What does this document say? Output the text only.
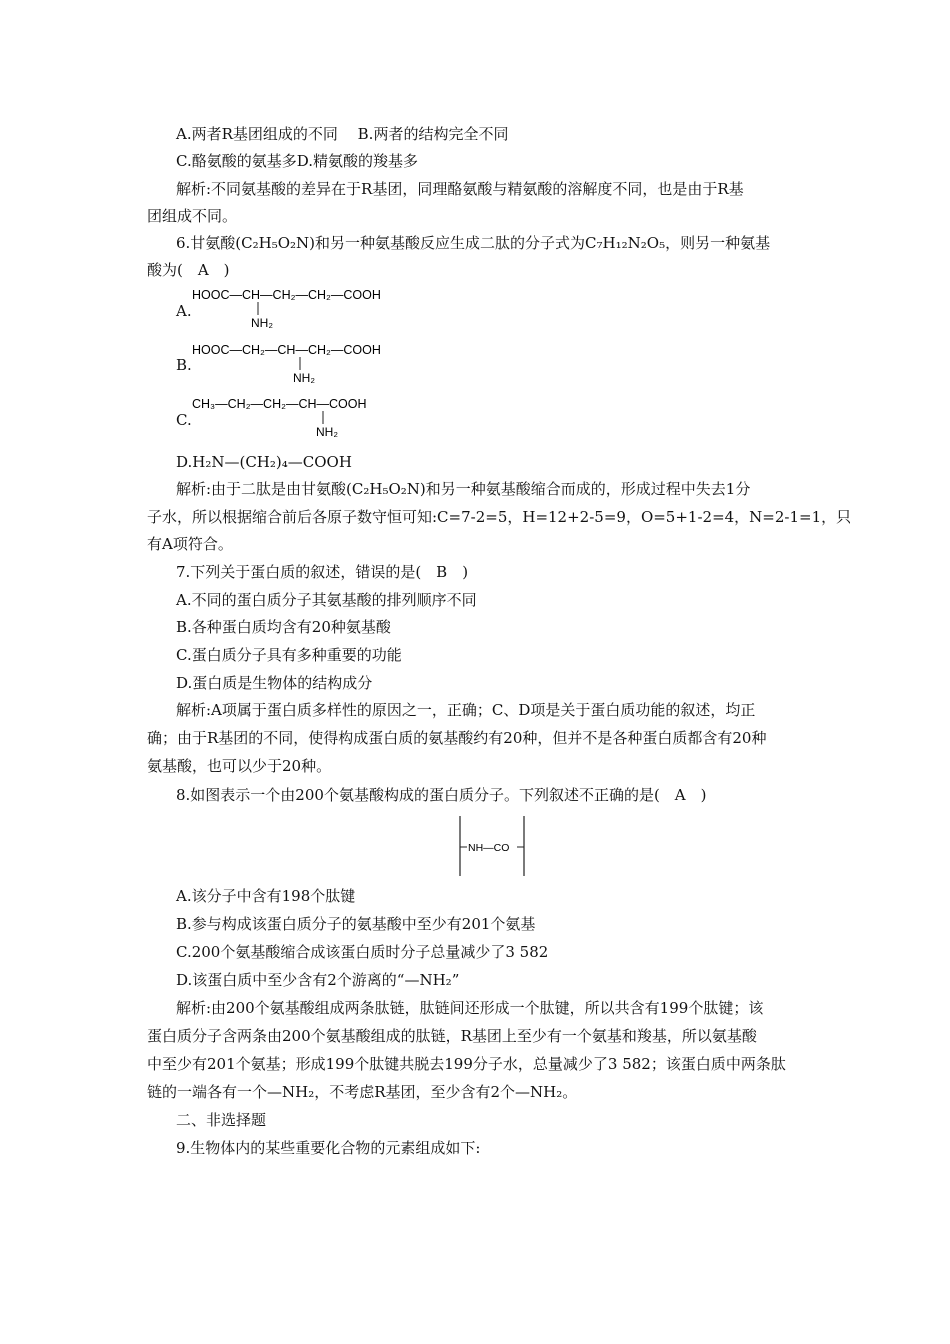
A.两者R基团组成的不同　 B.两者的结构完全不同
C.酪氨酸的氨基多D.精氨酸的羧基多
解析:不同氨基酸的差异在于R基团，同理酪氨酸与精氨酸的溶解度不同，也是由于R基
团组成不同。
6.甘氨酸(C₂H₅O₂N)和另一种氨基酸反应生成二肽的分子式为C₇H₁₂N₂O₅，则另一种氨基
酸为(　A　)
A.
HOOC—CH—CH₂—CH₂—COOH
NH₂
B.
HOOC—CH₂—CH—CH₂—COOH
NH₂
C.
CH₃—CH₂—CH₂—CH—COOH
NH₂
D.H₂N—(CH₂)₄—COOH
解析:由于二肽是由甘氨酸(C₂H₅O₂N)和另一种氨基酸缩合而成的，形成过程中失去1分
子水，所以根据缩合前后各原子数守恒可知:C=7-2=5，H=12+2-5=9，O=5+1-2=4，N=2-1=1，只
有A项符合。
7.下列关于蛋白质的叙述，错误的是(　B　)
A.不同的蛋白质分子其氨基酸的排列顺序不同
B.各种蛋白质均含有20种氨基酸
C.蛋白质分子具有多种重要的功能
D.蛋白质是生物体的结构成分
解析:A项属于蛋白质多样性的原因之一，正确；C、D项是关于蛋白质功能的叙述，均正
确；由于R基团的不同，使得构成蛋白质的氨基酸约有20种，但并不是各种蛋白质都含有20种
氨基酸，也可以少于20种。
8.如图表示一个由200个氨基酸构成的蛋白质分子。下列叙述不正确的是(　A　)
NH—CO
A.该分子中含有198个肽键
B.参与构成该蛋白质分子的氨基酸中至少有201个氨基
C.200个氨基酸缩合成该蛋白质时分子总量减少了3 582
D.该蛋白质中至少含有2个游离的“—NH₂”
解析:由200个氨基酸组成两条肽链，肽链间还形成一个肽键，所以共含有199个肽键；该
蛋白质分子含两条由200个氨基酸组成的肽链，R基团上至少有一个氨基和羧基，所以氨基酸
中至少有201个氨基；形成199个肽键共脱去199分子水，总量减少了3 582；该蛋白质中两条肽
链的一端各有一个—NH₂，不考虑R基团，至少含有2个—NH₂。
二、非选择题
9.生物体内的某些重要化合物的元素组成如下:
